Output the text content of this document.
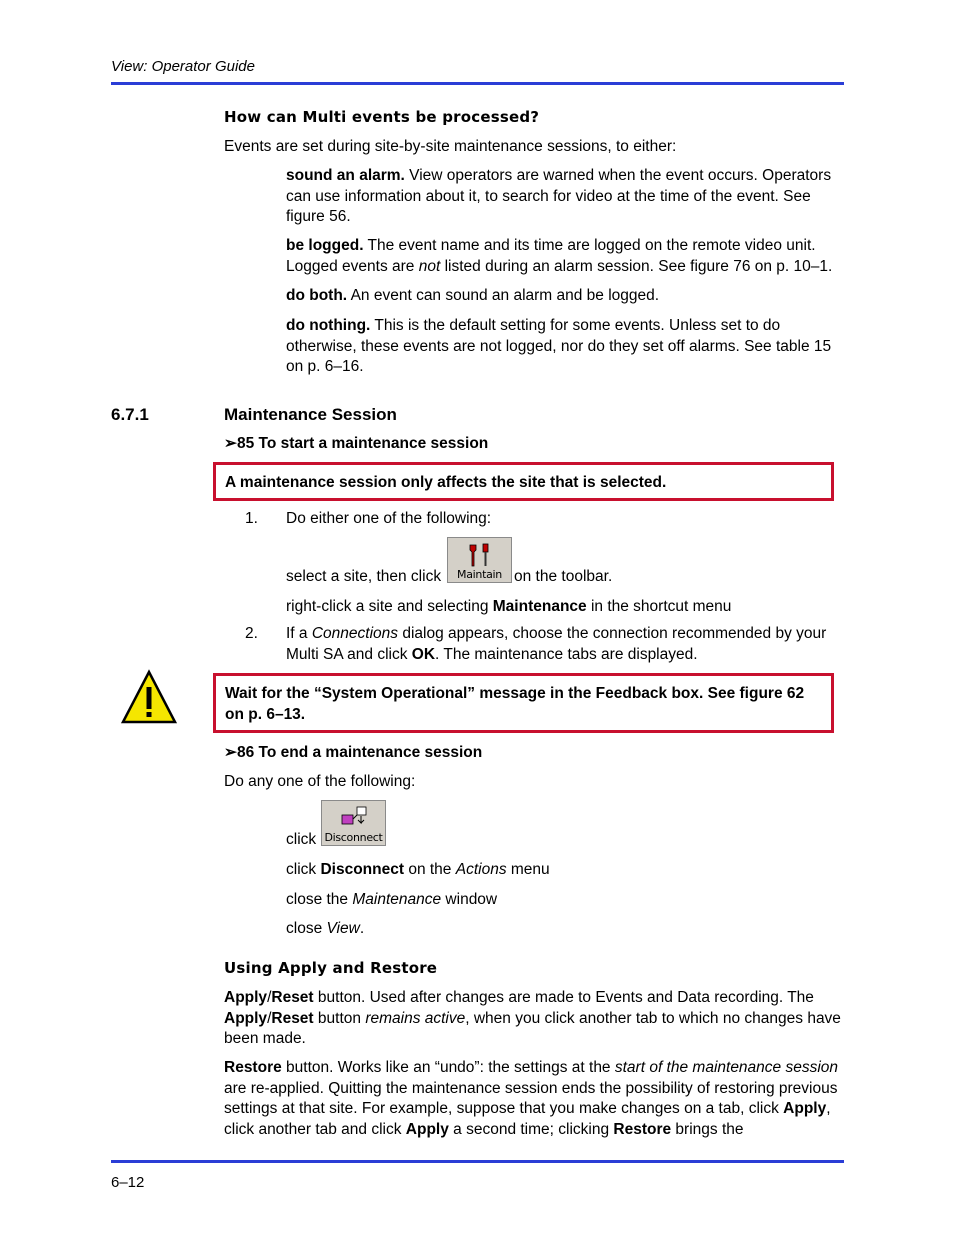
View: Operator Guide
How can Multi events be processed?
Events are set during site-by-site maintenance sessions, to either:
sound an alarm. View operators are warned when the event occurs. Operators can use information about it, to search for video at the time of the event. See figure 56.
be logged. The event name and its time are logged on the remote video unit. Logged events are not listed during an alarm session. See figure 76 on p. 10–1.
do both. An event can sound an alarm and be logged.
do nothing. This is the default setting for some events. Unless set to do otherwise, these events are not logged, nor do they set off alarms. See table 15 on p. 6–16.
6.7.1	Maintenance Session
➢85 To start a maintenance session
A maintenance session only affects the site that is selected.
1. Do either one of the following:
select a site, then click	Maintain on the toolbar.
right-click a site and selecting Maintenance in the shortcut menu
2. If a Connections dialog appears, choose the connection recommended by your Multi SA and click OK. The maintenance tabs are displayed.
Wait for the “System Operational” message in the Feedback box. See figure 62 on p. 6–13.
➢86 To end a maintenance session
Do any one of the following:
click Disconnect
click Disconnect on the Actions menu
close the Maintenance window
close View.
Using Apply and Restore
Apply/Reset button. Used after changes are made to Events and Data recording. The Apply/Reset button remains active, when you click another tab to which no changes have been made.
Restore button. Works like an “undo”: the settings at the start of the maintenance session are re-applied. Quitting the maintenance session ends the possibility of restoring previous settings at that site. For example, suppose that you make changes on a tab, click Apply, click another tab and click Apply a second time; clicking Restore brings the
6–12
